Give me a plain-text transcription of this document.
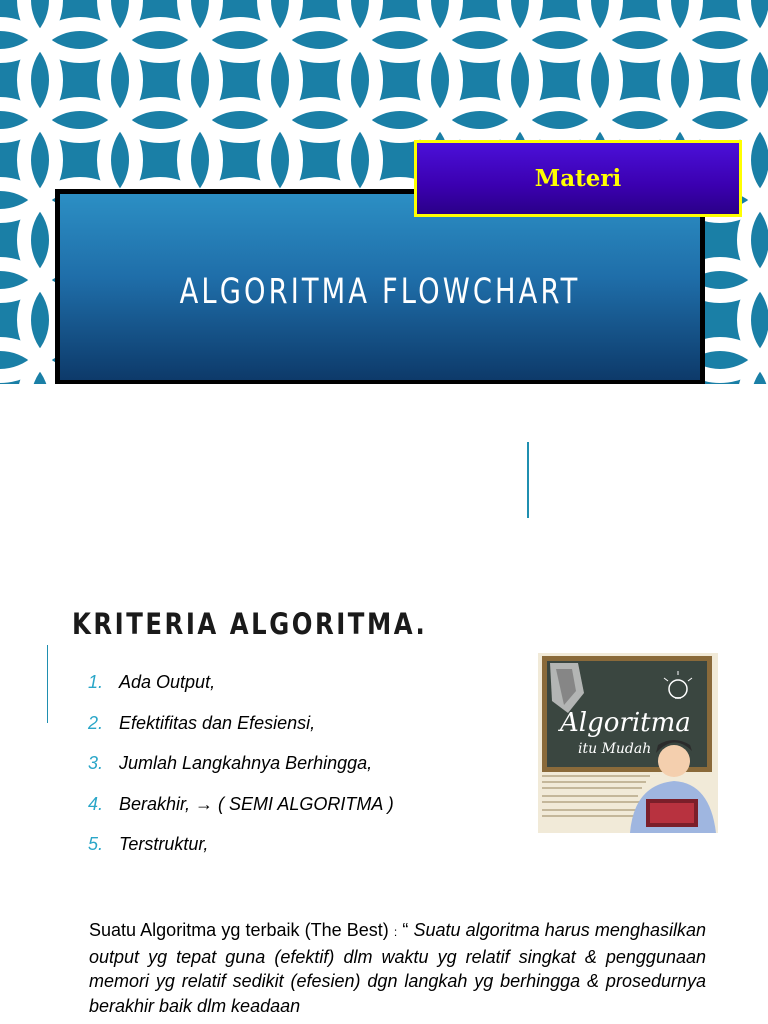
ALGORITMA FLOWCHART
Materi
KRITERIA ALGORITMA.
1. Ada Output,
2. Efektifitas dan Efesiensi,
3. Jumlah Langkahnya Berhingga,
4. Berakhir, → ( SEMI ALGORITMA )
5. Terstruktur,
Algoritma
itu Mudah
Suatu Algoritma yg terbaik (The Best) : “ Suatu algoritma harus menghasilkan output yg tepat guna (efektif) dlm waktu yg relatif singkat & penggunaan memori yg relatif sedikit (efesien) dgn langkah yg berhingga & prosedurnya berakhir baik dlm keadaan
